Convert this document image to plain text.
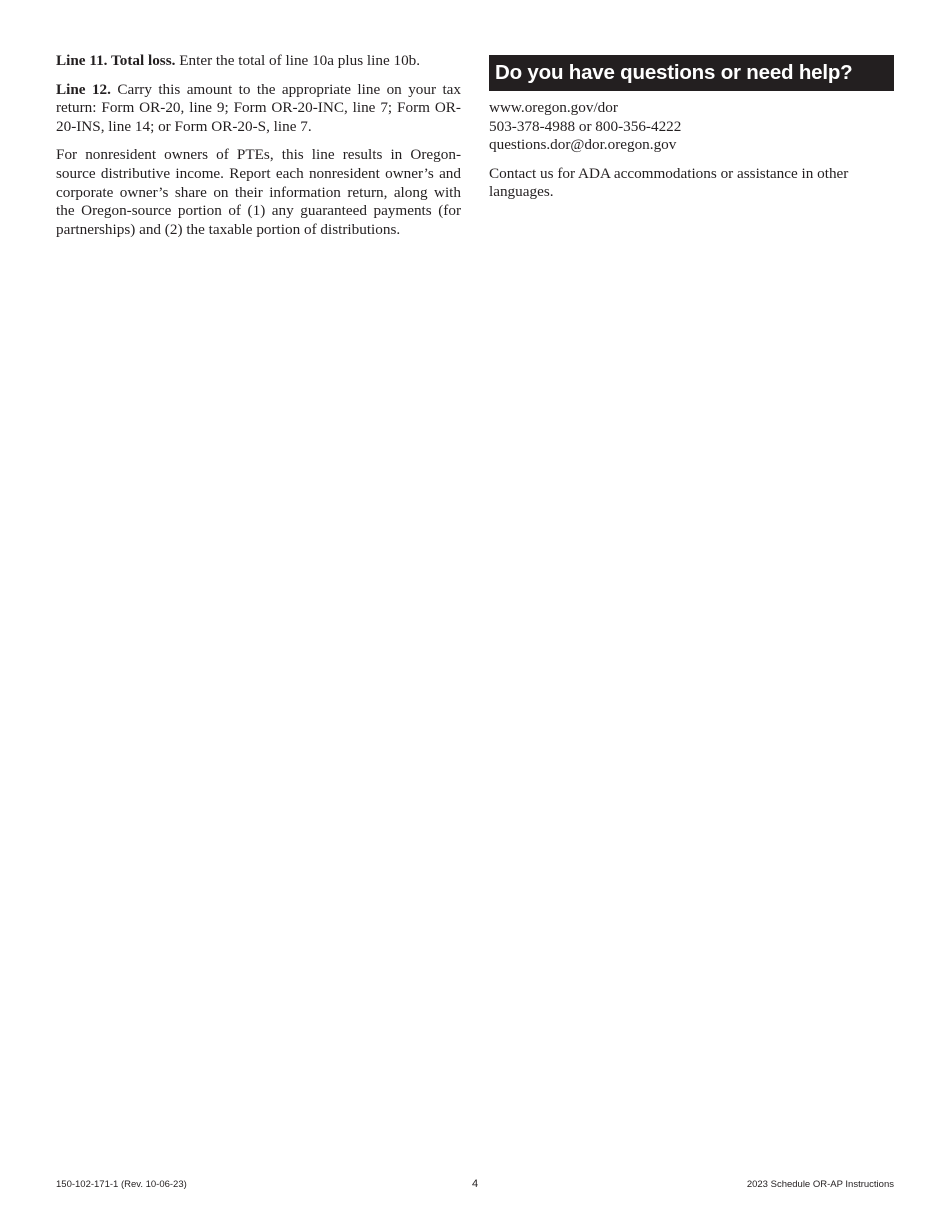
Line 11. Total loss. Enter the total of line 10a plus line 10b.

Line 12. Carry this amount to the appropriate line on your tax return: Form OR-20, line 9; Form OR-20-INC, line 7; Form OR-20-INS, line 14; or Form OR-20-S, line 7.

For nonresident owners of PTEs, this line results in Oregon-source distributive income. Report each nonresident owner’s and corporate owner’s share on their information return, along with the Oregon-source portion of (1) any guaranteed payments (for partnerships) and (2) the taxable portion of distributions.

Do you have questions or need help?
www.oregon.gov/dor
503-378-4988 or 800-356-4222
questions.dor@dor.oregon.gov

Contact us for ADA accommodations or assistance in other languages.

150-102-171-1 (Rev. 10-06-23)	4	2023 Schedule OR-AP Instructions
